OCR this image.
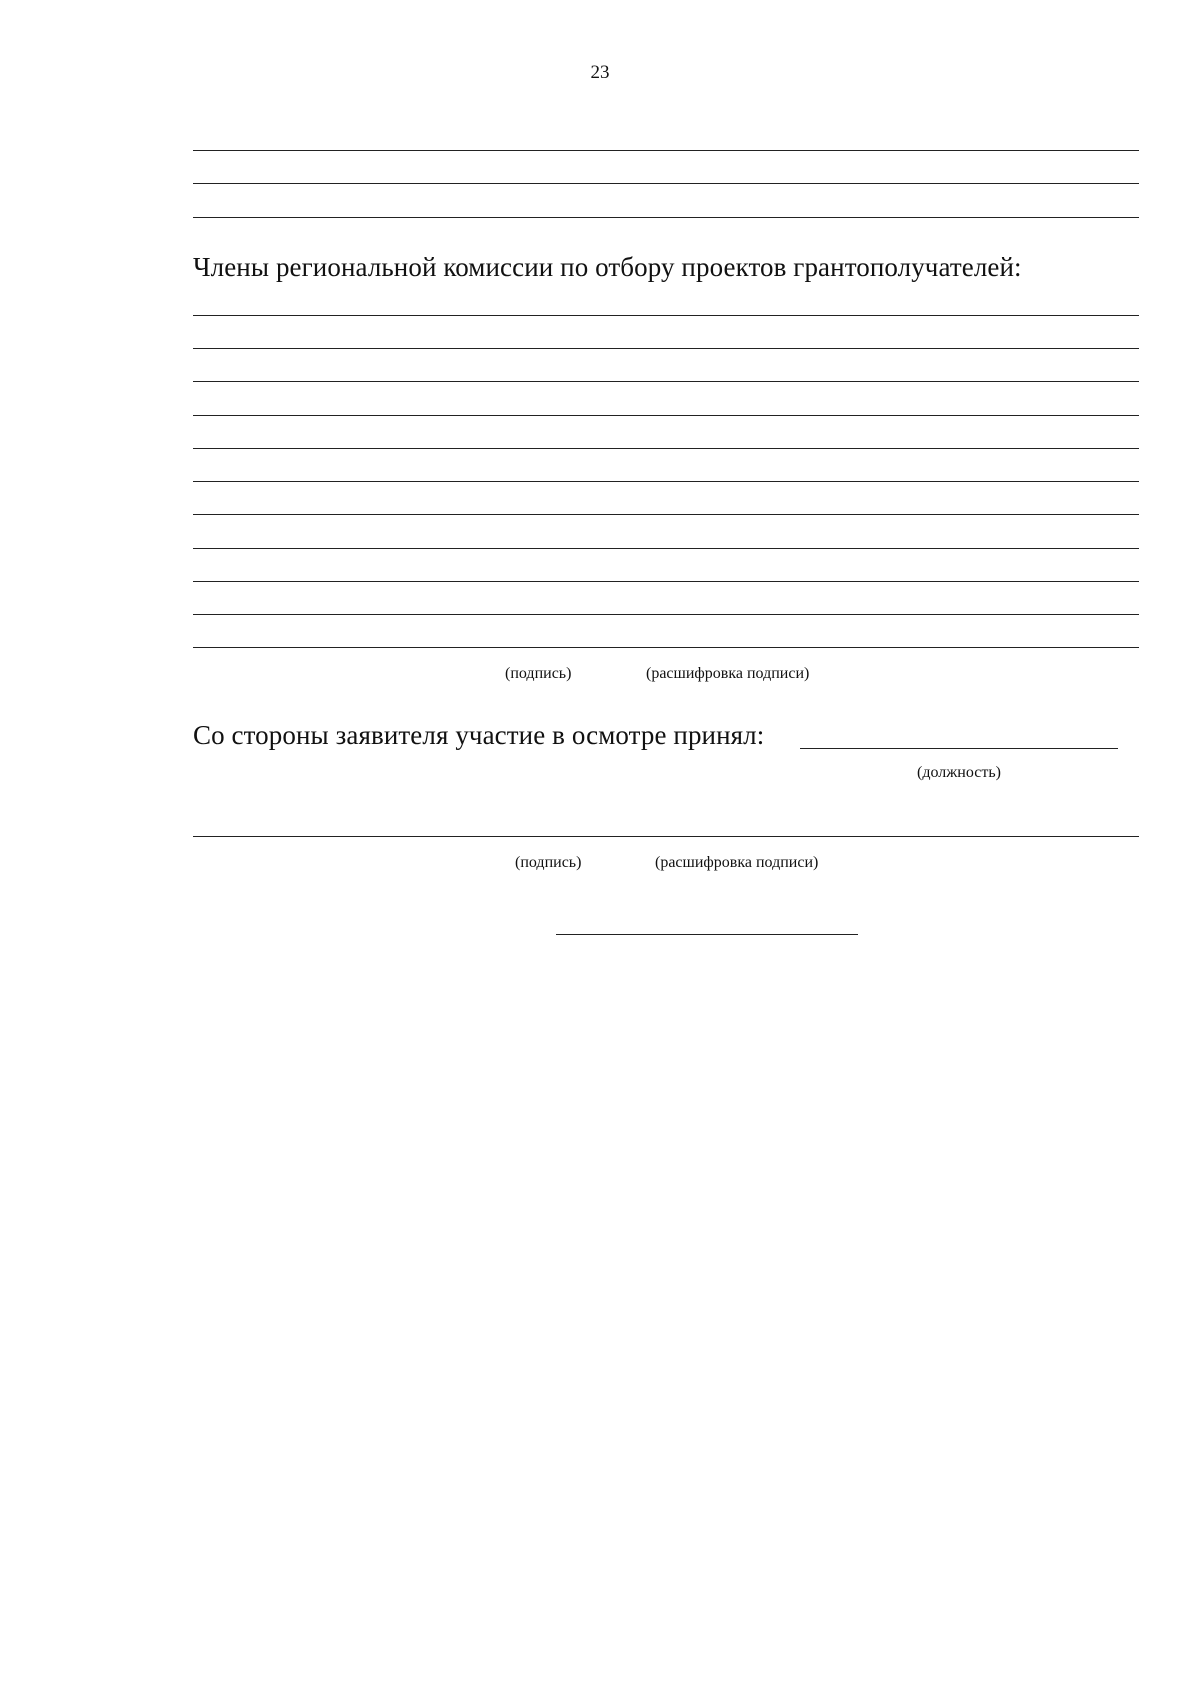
23
Члены региональной комиссии по отбору проектов грантополучателей:
(подпись)	(расшифровка подписи)
Со стороны заявителя участие в осмотре принял:
(должность)
(подпись)	(расшифровка подписи)
